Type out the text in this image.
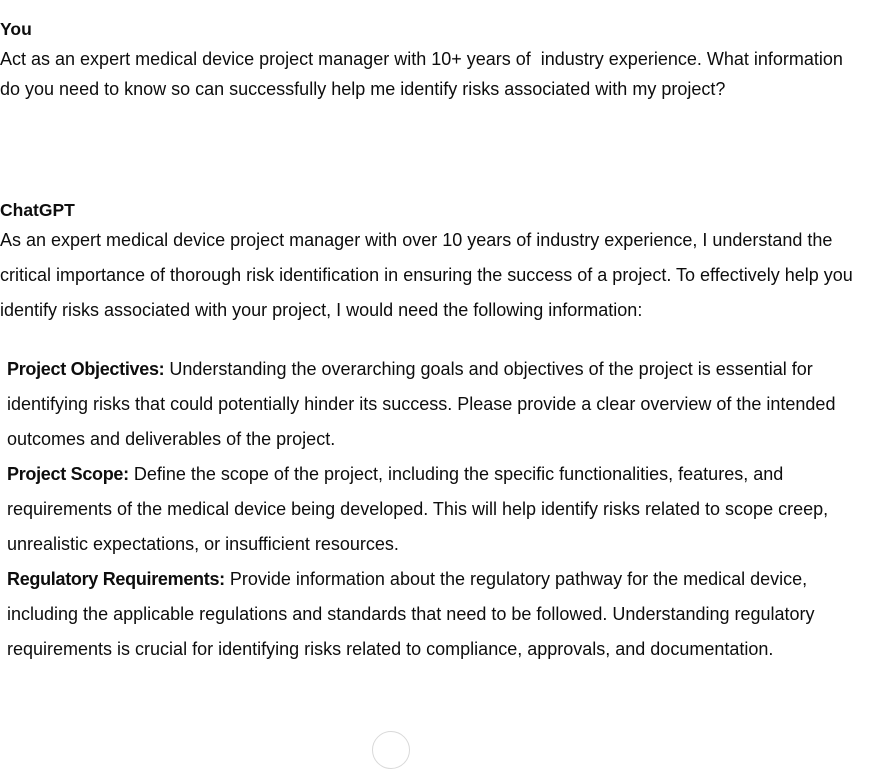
You

Act as an expert medical device project manager with 10+ years of  industry experience. What information do you need to know so can successfully help me identify risks associated with my project?

ChatGPT

As an expert medical device project manager with over 10 years of industry experience, I understand the critical importance of thorough risk identification in ensuring the success of a project. To effectively help you identify risks associated with your project, I would need the following information:

Project Objectives: Understanding the overarching goals and objectives of the project is essential for identifying risks that could potentially hinder its success. Please provide a clear overview of the intended outcomes and deliverables of the project.
Project Scope: Define the scope of the project, including the specific functionalities, features, and requirements of the medical device being developed. This will help identify risks related to scope creep, unrealistic expectations, or insufficient resources.
Regulatory Requirements: Provide information about the regulatory pathway for the medical device, including the applicable regulations and standards that need to be followed. Understanding regulatory requirements is crucial for identifying risks related to compliance, approvals, and documentation.
